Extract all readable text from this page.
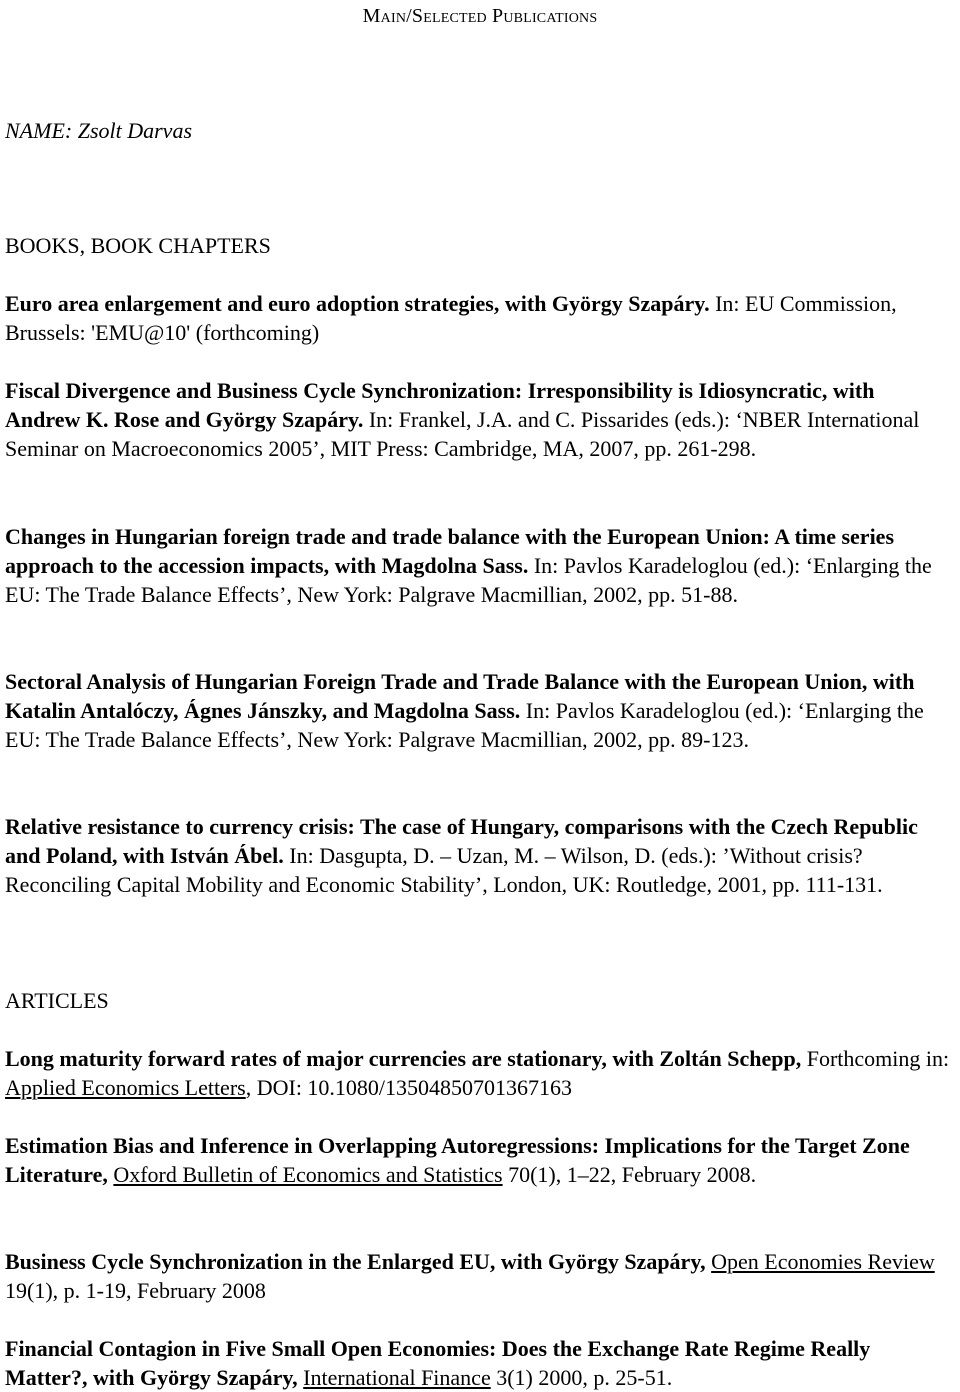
Main/Selected Publications
NAME: Zsolt Darvas
BOOKS, BOOK CHAPTERS
Euro area enlargement and euro adoption strategies, with György Szapáry. In: EU Commission, Brussels: 'EMU@10' (forthcoming)
Fiscal Divergence and Business Cycle Synchronization: Irresponsibility is Idiosyncratic, with Andrew K. Rose and György Szapáry. In: Frankel, J.A. and C. Pissarides (eds.): ‘NBER International Seminar on Macroeconomics 2005’, MIT Press: Cambridge, MA, 2007, pp. 261-298.
Changes in Hungarian foreign trade and trade balance with the European Union: A time series approach to the accession impacts, with Magdolna Sass. In: Pavlos Karadeloglou (ed.): ‘Enlarging the EU: The Trade Balance Effects’, New York: Palgrave Macmillian, 2002, pp. 51-88.
Sectoral Analysis of Hungarian Foreign Trade and Trade Balance with the European Union, with Katalin Antalóczy, Ágnes Jánszky, and Magdolna Sass. In: Pavlos Karadeloglou (ed.): ‘Enlarging the EU: The Trade Balance Effects’, New York: Palgrave Macmillian, 2002, pp. 89-123.
Relative resistance to currency crisis: The case of Hungary, comparisons with the Czech Republic and Poland, with István Ábel. In: Dasgupta, D. – Uzan, M. – Wilson, D. (eds.): ’Without crisis? Reconciling Capital Mobility and Economic Stability’, London, UK: Routledge, 2001, pp. 111-131.
ARTICLES
Long maturity forward rates of major currencies are stationary, with Zoltán Schepp, Forthcoming in: Applied Economics Letters, DOI: 10.1080/13504850701367163
Estimation Bias and Inference in Overlapping Autoregressions: Implications for the Target Zone Literature, Oxford Bulletin of Economics and Statistics 70(1), 1–22, February 2008.
Business Cycle Synchronization in the Enlarged EU, with György Szapáry, Open Economies Review 19(1), p. 1-19, February 2008
Financial Contagion in Five Small Open Economies: Does the Exchange Rate Regime Really Matter?, with György Szapáry, International Finance 3(1) 2000, p. 25-51.
